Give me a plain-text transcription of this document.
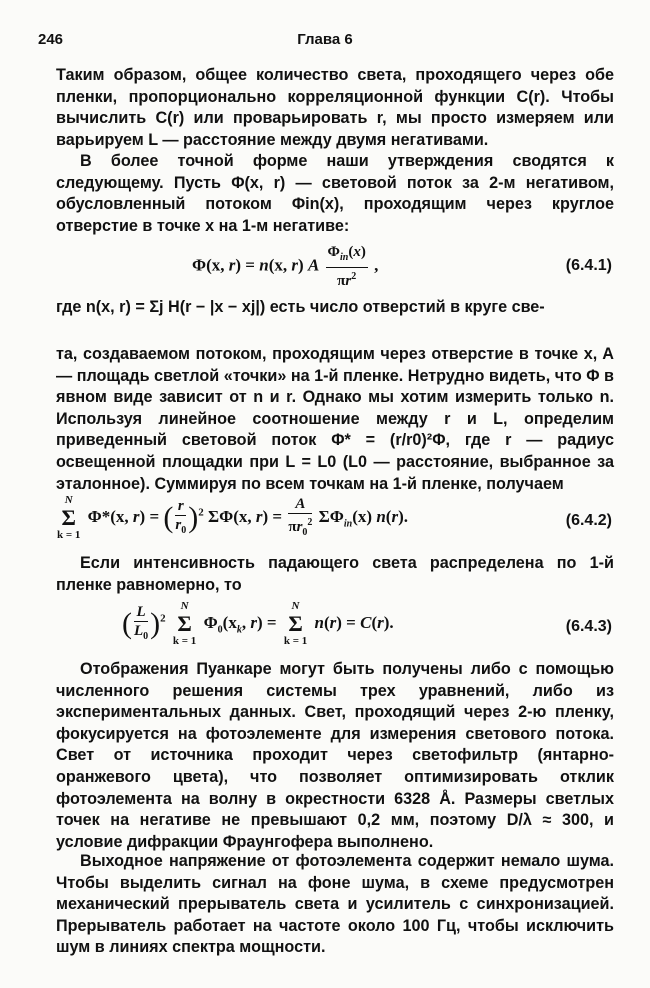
246	Глава 6

Таким образом, общее количество света, проходящего через обе пленки, пропорционально корреляционной функции C(r). Чтобы вычислить C(r) или проварьировать r, мы просто измеряем или варьируем L — расстояние между двумя негативами.

В более точной форме наши утверждения сводятся к следующему. Пусть Φ(x, r) — световой поток за 2-м негативом, обусловленный потоком Φin(x), проходящим через круглое отверстие в точке x на 1-м негативе:

Φ(x, r) = n(x, r) A $\frac{\Phi_{in}(x)}{\pi r^2}$ ,	(6.4.1)

где n(x, r) = Σj H(r − |x − xj|) есть число отверстий в круге све-

та, создаваемом потоком, проходящим через отверстие в точке x, A — площадь светлой «точки» на 1-й пленке. Нетрудно видеть, что Φ в явном виде зависит от n и r. Однако мы хотим измерить только n. Используя линейное соотношение между r и L, определим приведенный световой поток Φ* = (r/r0)²Φ, где r — радиус освещенной площадки при L = L0 (L0 — расстояние, выбранное за эталонное). Суммируя по всем точкам на 1-й пленке, получаем

N
Σ
k = 1
Φ*(x, r) = ( $\frac{r}{r_0} )^2$ ΣΦ(x, $r) = \frac{A}{\pi r_0^2} \Sigma\Phi_{in}(x)$ n(r).	(6.4.2)

Если интенсивность падающего света распределена по 1-й пленке равномерно, то

( $\frac{L}{L_0} )^2$
N
Σ
k = 1
$\Phi_0(x_k$, r) =
N
Σ
k = 1
n(r) = C(r).	(6.4.3)

Отображения Пуанкаре могут быть получены либо с помощью численного решения системы трех уравнений, либо из экспериментальных данных. Свет, проходящий через 2-ю пленку, фокусируется на фотоэлементе для измерения светового потока. Свет от источника проходит через светофильтр (янтарно-оранжевого цвета), что позволяет оптимизировать отклик фотоэлемента на волну в окрестности 6328 Å. Размеры светлых точек на негативе не превышают 0,2 мм, поэтому D/λ ≈ 300, и условие дифракции Фраунгофера выполнено.

Выходное напряжение от фотоэлемента содержит немало шума. Чтобы выделить сигнал на фоне шума, в схеме предусмотрен механический прерыватель света и усилитель с синхронизацией. Прерыватель работает на частоте около 100 Гц, чтобы исключить шум в линиях спектра мощности.
